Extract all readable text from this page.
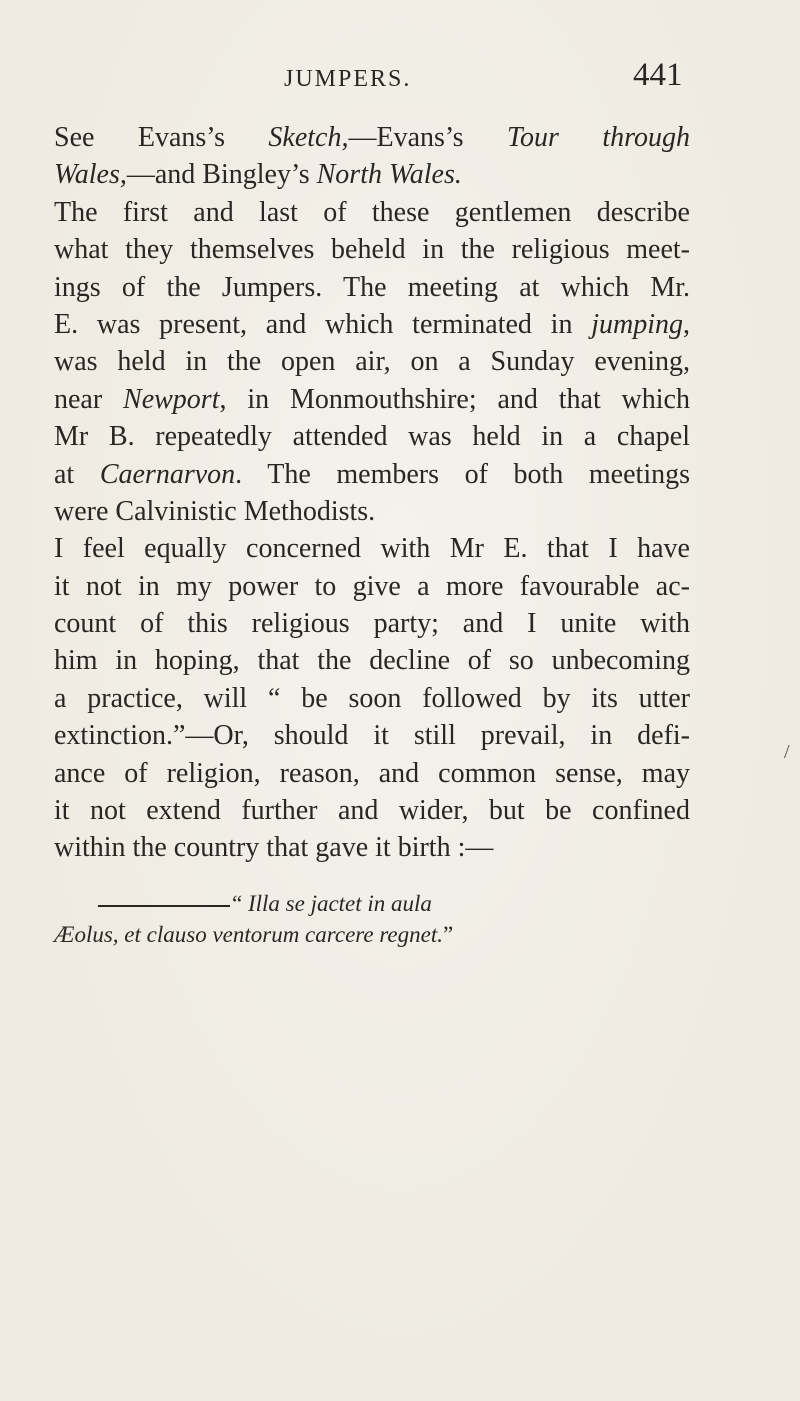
JUMPERS.	441
See Evans’s Sketch,—Evans’s Tour through
Wales,—and Bingley’s North Wales.
The first and last of these gentlemen describe
what they themselves beheld in the religious meet-
ings of the Jumpers. The meeting at which Mr.
E. was present, and which terminated in jumping,
was held in the open air, on a Sunday evening,
near Newport, in Monmouthshire; and that which
Mr B. repeatedly attended was held in a chapel
at Caernarvon. The members of both meetings
were Calvinistic Methodists.
I feel equally concerned with Mr E. that I have
it not in my power to give a more favourable ac-
count of this religious party; and I unite with
him in hoping, that the decline of so unbecoming
a practice, will “ be soon followed by its utter
extinction.”—Or, should it still prevail, in defi-
ance of religion, reason, and common sense, may
it not extend further and wider, but be confined
within the country that gave it birth :—
“ Illa se jactet in aula
Æolus, et clauso ventorum carcere regnet.”
/
